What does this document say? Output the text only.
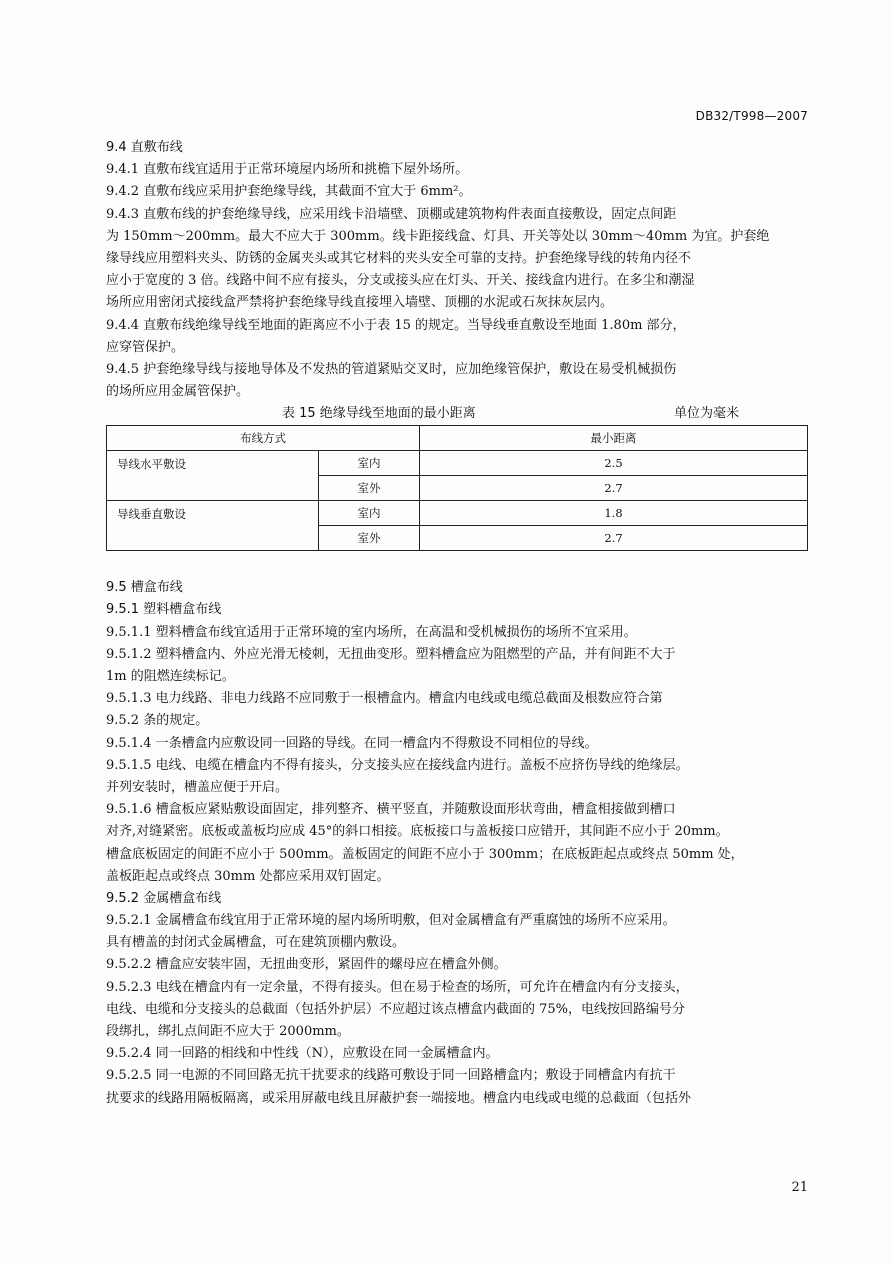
DB32/T998—2007
9.4 直敷布线
9.4.1 直敷布线宜适用于正常环境屋内场所和挑檐下屋外场所。
9.4.2 直敷布线应采用护套绝缘导线，其截面不宜大于 6mm²。
9.4.3 直敷布线的护套绝缘导线，应采用线卡沿墙壁、顶棚或建筑物构件表面直接敷设，固定点间距
为 150mm～200mm。最大不应大于 300mm。线卡距接线盒、灯具、开关等处以 30mm～40mm 为宜。护套绝
缘导线应用塑料夹头、防锈的金属夹头或其它材料的夹头安全可靠的支持。护套绝缘导线的转角内径不
应小于宽度的 3 倍。线路中间不应有接头，分支或接头应在灯头、开关、接线盒内进行。在多尘和潮湿
场所应用密闭式接线盒严禁将护套绝缘导线直接埋入墙壁、顶棚的水泥或石灰抹灰层内。
9.4.4 直敷布线绝缘导线至地面的距离应不小于表 15 的规定。当导线垂直敷设至地面 1.80m 部分，
应穿管保护。
9.4.5 护套绝缘导线与接地导体及不发热的管道紧贴交叉时，应加绝缘管保护，敷设在易受机械损伤
的场所应用金属管保护。
表 15 绝缘导线至地面的最小距离	单位为毫米
布线方式		最小距离
导线水平敷设	室内	2.5
	室外	2.7
导线垂直敷设	室内	1.8
	室外	2.7
9.5 槽盒布线
9.5.1 塑料槽盒布线
9.5.1.1 塑料槽盒布线宜适用于正常环境的室内场所，在高温和受机械损伤的场所不宜采用。
9.5.1.2 塑料槽盒内、外应光滑无棱刺，无扭曲变形。塑料槽盒应为阻燃型的产品，并有间距不大于
1m 的阻燃连续标记。
9.5.1.3 电力线路、非电力线路不应同敷于一根槽盒内。槽盒内电线或电缆总截面及根数应符合第
9.5.2 条的规定。
9.5.1.4 一条槽盒内应敷设同一回路的导线。在同一槽盒内不得敷设不同相位的导线。
9.5.1.5 电线、电缆在槽盒内不得有接头，分支接头应在接线盒内进行。盖板不应挤伤导线的绝缘层。
并列安装时，槽盖应便于开启。
9.5.1.6 槽盒板应紧贴敷设面固定，排列整齐、横平竖直，并随敷设面形状弯曲，槽盒相接做到槽口
对齐,对缝紧密。底板或盖板均应成 45°的斜口相接。底板接口与盖板接口应错开，其间距不应小于 20mm。
槽盒底板固定的间距不应小于 500mm。盖板固定的间距不应小于 300mm；在底板距起点或终点 50mm 处，
盖板距起点或终点 30mm 处都应采用双钉固定。
9.5.2 金属槽盒布线
9.5.2.1 金属槽盒布线宜用于正常环境的屋内场所明敷，但对金属槽盒有严重腐蚀的场所不应采用。
具有槽盖的封闭式金属槽盒，可在建筑顶棚内敷设。
9.5.2.2 槽盒应安装牢固，无扭曲变形，紧固件的螺母应在槽盒外侧。
9.5.2.3 电线在槽盒内有一定余量，不得有接头。但在易于检查的场所，可允许在槽盒内有分支接头，
电线、电缆和分支接头的总截面（包括外护层）不应超过该点槽盒内截面的 75%，电线按回路编号分
段绑扎，绑扎点间距不应大于 2000mm。
9.5.2.4 同一回路的相线和中性线（N），应敷设在同一金属槽盒内。
9.5.2.5 同一电源的不同回路无抗干扰要求的线路可敷设于同一回路槽盒内；敷设于同槽盒内有抗干
扰要求的线路用隔板隔离，或采用屏蔽电线且屏蔽护套一端接地。槽盒内电线或电缆的总截面（包括外
21
